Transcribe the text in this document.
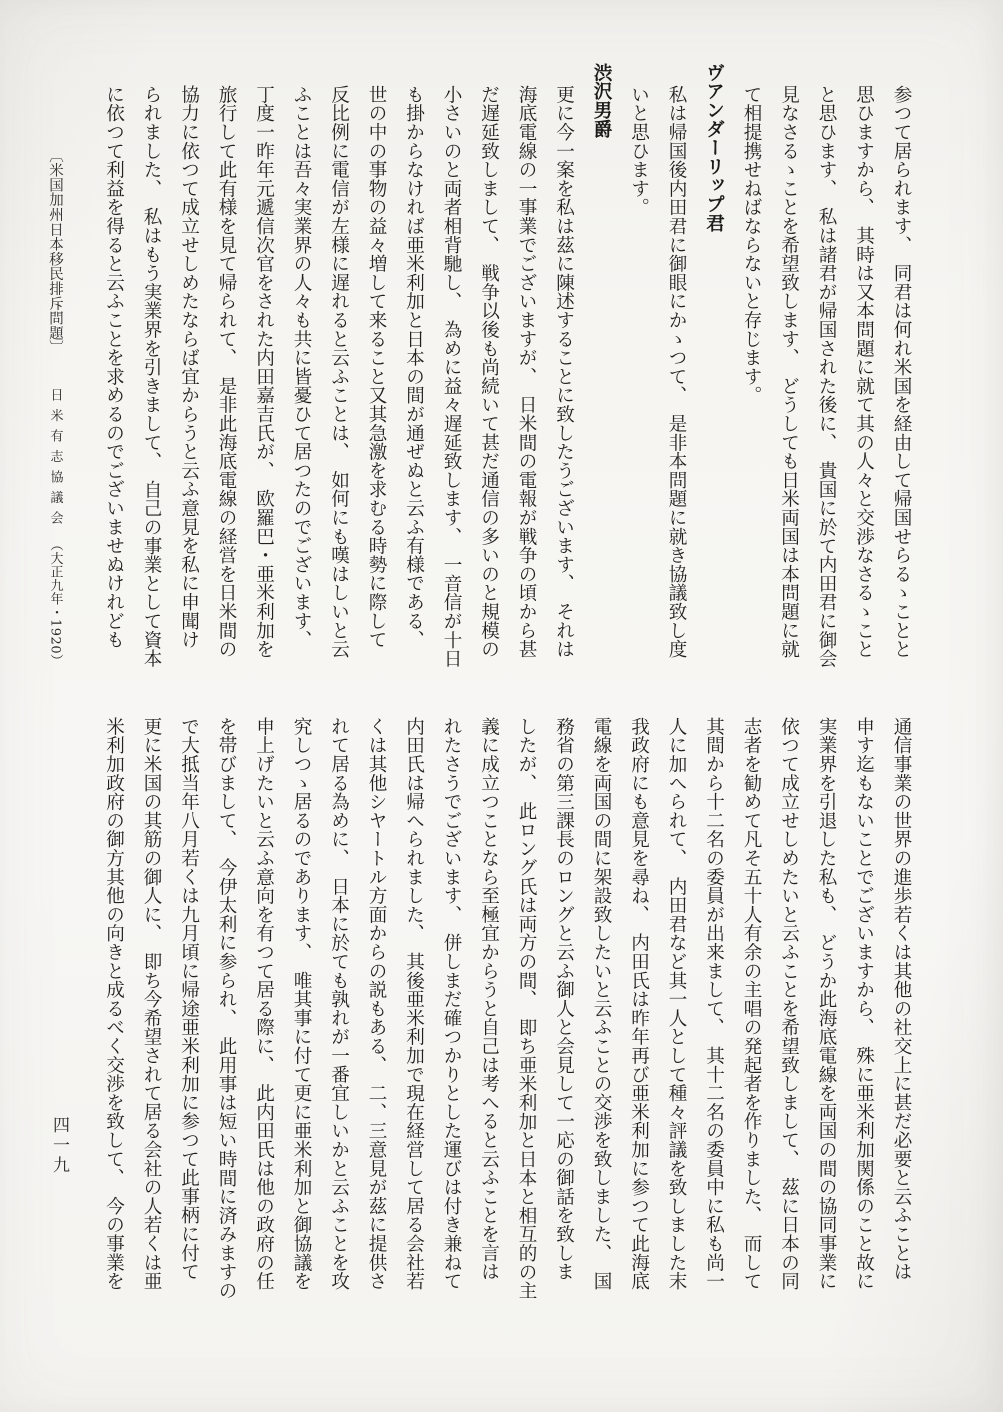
参つて居られます、　同君は何れ米国を経由して帰国せらるゝことと

思ひますから、　其時は又本問題に就て其の人々と交渉なさるゝこと

と思ひます、　私は諸君が帰国された後に、　貴国に於て内田君に御会

見なさるゝことを希望致します、　どうしても日米両国は本問題に就

て相提携せねばならないと存じます。

ヴアンダーリップ君

私は帰国後内田君に御眼にかゝつて、　是非本問題に就き協議致し度

いと思ひます。

渋沢男爵

更に今一案を私は茲に陳述することに致したうございます、　それは

海底電線の一事業でございますが、　日米間の電報が戦争の頃から甚

だ遅延致しまして、　戦争以後も尚続いて甚だ通信の多いのと規模の

小さいのと両者相背馳し、　為めに益々遅延致します、　一音信が十日

も掛からなければ亜米利加と日本の間が通ぜぬと云ふ有様である、

世の中の事物の益々増して来ること又其急激を求むる時勢に際して

反比例に電信が左様に遅れると云ふことは、　如何にも嘆はしいと云

ふことは吾々実業界の人々も共に皆憂ひて居つたのでございます、

丁度一昨年元遞信次官をされた内田嘉吉氏が、　欧羅巴・亜米利加を

旅行して此有様を見て帰られて、　是非此海底電線の経営を日米間の

協力に依つて成立せしめたならば宜からうと云ふ意見を私に申聞け

られました、　私はもう実業界を引きまして、　自己の事業として資本

に依つて利益を得ると云ふことを求めるのでございませぬけれども

〔米国加州日本移民排斥問題〕
日米有志協議会
（大正九年・1920）

通信事業の世界の進歩若くは其他の社交上に甚だ必要と云ふことは

申す迄もないことでございますから、　殊に亜米利加関係のこと故に

実業界を引退した私も、　どうか此海底電線を両国の間の協同事業に

依つて成立せしめたいと云ふことを希望致しまして、　茲に日本の同

志者を勧めて凡そ五十人有余の主唱の発起者を作りました、　而して

其間から十二名の委員が出来まして、　其十二名の委員中に私も尚一

人に加へられて、　内田君など其一人として種々評議を致しました末

我政府にも意見を尋ね、　内田氏は昨年再び亜米利加に参つて此海底

電線を両国の間に架設致したいと云ふことの交渉を致しました、　国

務省の第三課長のロングと云ふ御人と会見して一応の御話を致しま

したが、　此ロング氏は両方の間、　即ち亜米利加と日本と相互的の主

義に成立つことなら至極宜からうと自己は考へると云ふことを言は

れたさうでございます、　併しまだ確つかりとした運びは付き兼ねて

内田氏は帰へられました、　其後亜米利加で現在経営して居る会社若

くは其他シヤートル方面からの説もある、　二、三意見が茲に提供さ

れて居る為めに、　日本に於ても孰れが一番宜しいかと云ふことを攻

究しつゝ居るのであります、　唯其事に付て更に亜米利加と御協議を

申上げたいと云ふ意向を有つて居る際に、　此内田氏は他の政府の任

を帯びまして、　今伊太利に参られ、　此用事は短い時間に済みますの

で大抵当年八月若くは九月頃に帰途亜米利加に参つて此事柄に付て

更に米国の其筋の御人に、　即ち今希望されて居る会社の人若くは亜

米利加政府の御方其他の向きと成るべく交渉を致して、　今の事業を

四一九
